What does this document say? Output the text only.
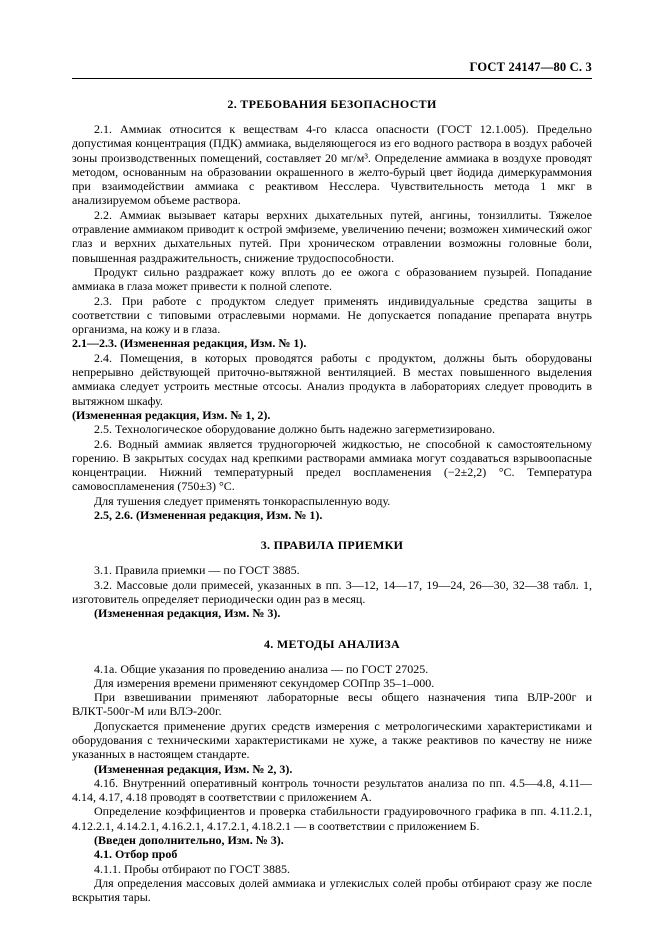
ГОСТ 24147—80 С. 3
2. ТРЕБОВАНИЯ БЕЗОПАСНОСТИ

2.1. Аммиак относится к веществам 4-го класса опасности (ГОСТ 12.1.005). Предельно допустимая концентрация (ПДК) аммиака, выделяющегося из его водного раствора в воздух рабочей зоны производственных помещений, составляет 20 мг/м³. Определение аммиака в воздухе проводят методом, основанным на образовании окрашенного в желто-бурый цвет йодида димеркураммония при взаимодействии аммиака с реактивом Несслера. Чувствительность метода 1 мкг в анализируемом объеме раствора.

2.2. Аммиак вызывает катары верхних дыхательных путей, ангины, тонзиллиты. Тяжелое отравление аммиаком приводит к острой эмфиземе, увеличению печени; возможен химический ожог глаз и верхних дыхательных путей. При хроническом отравлении возможны головные боли, повышенная раздражительность, снижение трудоспособности.

Продукт сильно раздражает кожу вплоть до ее ожога с образованием пузырей. Попадание аммиака в глаза может привести к полной слепоте.

2.3. При работе с продуктом следует применять индивидуальные средства защиты в соответствии с типовыми отраслевыми нормами. Не допускается попадание препарата внутрь организма, на кожу и в глаза.

2.1—2.3. (Измененная редакция, Изм. № 1).

2.4. Помещения, в которых проводятся работы с продуктом, должны быть оборудованы непрерывно действующей приточно-вытяжной вентиляцией. В местах повышенного выделения аммиака следует устроить местные отсосы. Анализ продукта в лабораториях следует проводить в вытяжном шкафу.

(Измененная редакция, Изм. № 1, 2).

2.5. Технологическое оборудование должно быть надежно загерметизировано.

2.6. Водный аммиак является трудногорючей жидкостью, не способной к самостоятельному горению. В закрытых сосудах над крепкими растворами аммиака могут создаваться взрывоопасные концентрации. Нижний температурный предел воспламенения (−2±2,2) °С. Температура самовоспламенения (750±3) °С.

Для тушения следует применять тонкораспыленную воду.

2.5, 2.6. (Измененная редакция, Изм. № 1).

3. ПРАВИЛА ПРИЕМКИ

3.1. Правила приемки — по ГОСТ 3885.

3.2. Массовые доли примесей, указанных в пп. 3—12, 14—17, 19—24, 26—30, 32—38 табл. 1, изготовитель определяет периодически один раз в месяц.

(Измененная редакция, Изм. № 3).

4. МЕТОДЫ АНАЛИЗА

4.1а. Общие указания по проведению анализа — по ГОСТ 27025.

Для измерения времени применяют секундомер СОПпр 35–1–000.

При взвешивании применяют лабораторные весы общего назначения типа ВЛР-200г и ВЛКТ-500г-М или ВЛЭ-200г.

Допускается применение других средств измерения с метрологическими характеристиками и оборудования с техническими характеристиками не хуже, а также реактивов по качеству не ниже указанных в настоящем стандарте.

(Измененная редакция, Изм. № 2, 3).

4.1б. Внутренний оперативный контроль точности результатов анализа по пп. 4.5—4.8, 4.11—4.14, 4.17, 4.18 проводят в соответствии с приложением А.

Определение коэффициентов и проверка стабильности градуировочного графика в пп. 4.11.2.1, 4.12.2.1, 4.14.2.1, 4.16.2.1, 4.17.2.1, 4.18.2.1 — в соответствии с приложением Б.

(Введен дополнительно, Изм. № 3).

4.1. Отбор проб

4.1.1. Пробы отбирают по ГОСТ 3885.

Для определения массовых долей аммиака и углекислых солей пробы отбирают сразу же после вскрытия тары.
